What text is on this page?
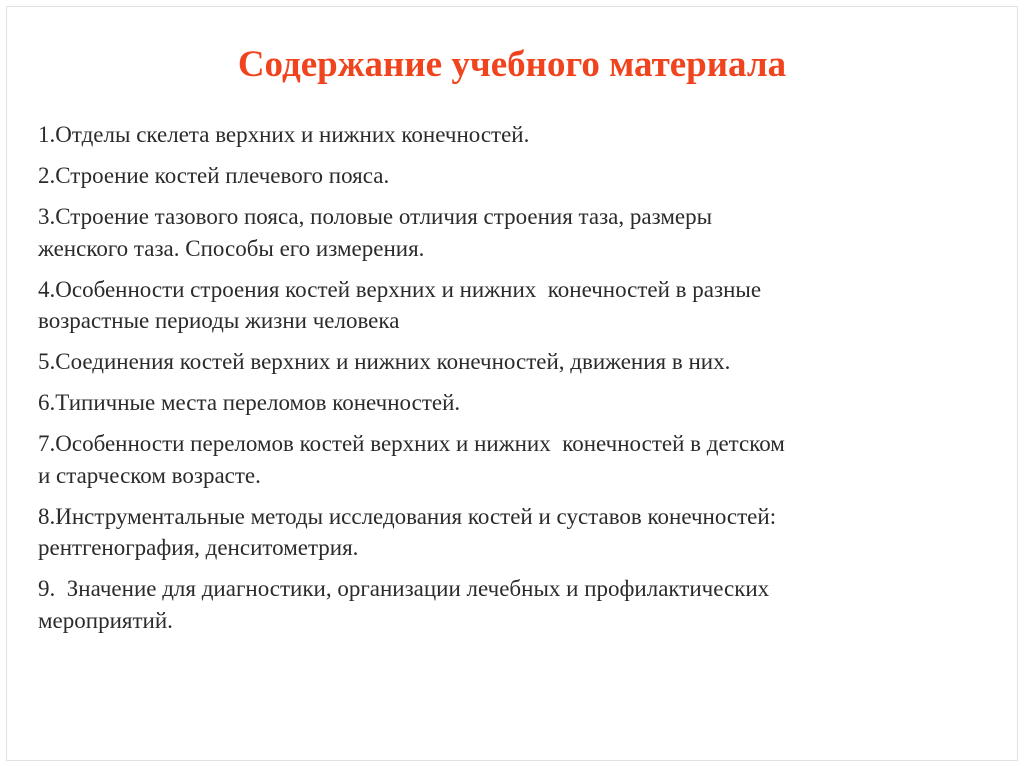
Содержание учебного материала
1.Отделы скелета верхних и нижних конечностей.
2.Строение костей плечевого пояса.
3.Строение тазового пояса, половые отличия строения таза, размеры
женского таза. Способы его измерения.
4.Особенности строения костей верхних и нижних  конечностей в разные
возрастные периоды жизни человека
5.Соединения костей верхних и нижних конечностей, движения в них.
6.Типичные места переломов конечностей.
7.Особенности переломов костей верхних и нижних  конечностей в детском
и старческом возрасте.
8.Инструментальные методы исследования костей и суставов конечностей:
рентгенография, денситометрия.
9.  Значение для диагностики, организации лечебных и профилактических
мероприятий.
